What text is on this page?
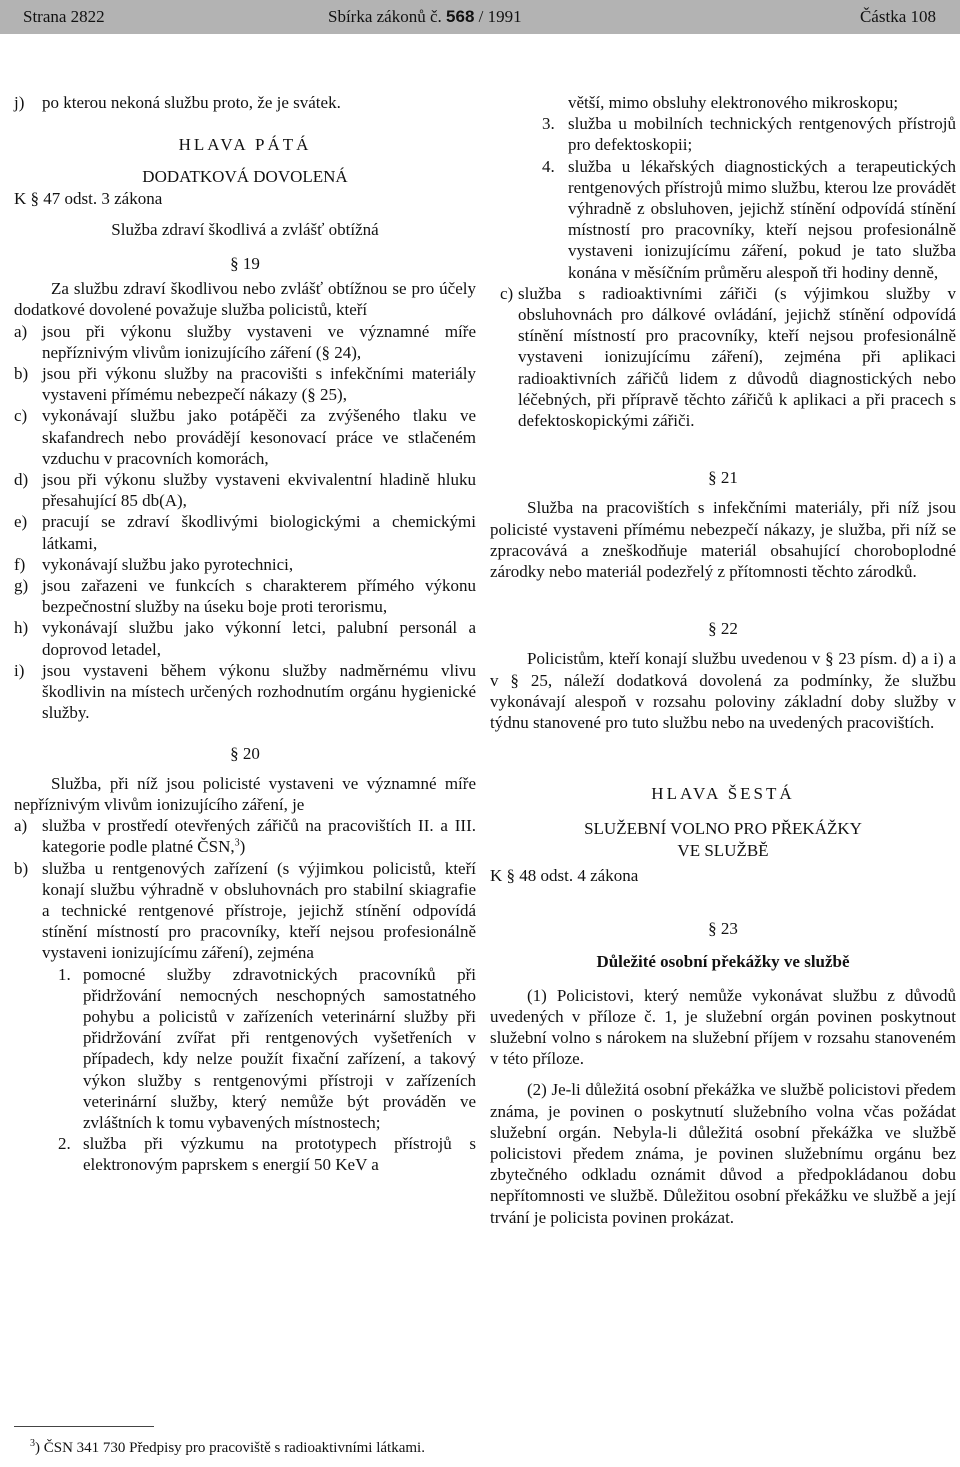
Strana 2822	Sbírka zákonů č. 568 / 1991	Částka 108
j) po kterou nekoná službu proto, že je svátek.

HLAVA PÁTÁ

DODATKOVÁ DOVOLENÁ

K § 47 odst. 3 zákona

Služba zdraví škodlivá a zvlášť obtížná

§ 19

Za službu zdraví škodlivou nebo zvlášť obtížnou se pro účely dodatkové dovolené považuje služba policistů, kteří

a) jsou při výkonu služby vystaveni ve významné míře nepříznivým vlivům ionizujícího záření (§ 24),
b) jsou při výkonu služby na pracovišti s infekčními materiály vystaveni přímému nebezpečí nákazy (§ 25),
c) vykonávají službu jako potápěči za zvýšeného tlaku ve skafandrech nebo provádějí kesonovací práce ve stlačeném vzduchu v pracovních komorách,
d) jsou při výkonu služby vystaveni ekvivalentní hladině hluku přesahující 85 db(A),
e) pracují se zdraví škodlivými biologickými a chemickými látkami,
f) vykonávají službu jako pyrotechnici,
g) jsou zařazeni ve funkcích s charakterem přímého výkonu bezpečnostní služby na úseku boje proti terorismu,
h) vykonávají službu jako výkonní letci, palubní personál a doprovod letadel,
i) jsou vystaveni během výkonu služby nadměrnému vlivu škodlivin na místech určených rozhodnutím orgánu hygienické služby.

§ 20

Služba, při níž jsou policisté vystaveni ve významné míře nepříznivým vlivům ionizujícího záření, je

a) služba v prostředí otevřených zářičů na pracovištích II. a III. kategorie podle platné ČSN,$^3$)
b) služba u rentgenových zařízení (s výjimkou policistů, kteří konají službu výhradně v obsluhovnách pro stabilní skiagrafie a technické rentgenové přístroje, jejichž stínění odpovídá stínění místností pro pracovníky, kteří nejsou profesionálně vystaveni ionizujícímu záření), zejména
1. pomocné služby zdravotnických pracovníků při přidržování nemocných neschopných samostatného pohybu a policistů v zařízeních veterinární služby při přidržování zvířat při rentgenových vyšetřeních v případech, kdy nelze použít fixační zařízení, a takový výkon služby s rentgenovými přístroji v zařízeních veterinární služby, který nemůže být prováděn ve zvláštních k tomu vybavených místnostech;
2. služba při výzkumu na prototypech přístrojů s elektronovým paprskem s energií 50 KeV a

větší, mimo obsluhy elektronového mikroskopu;

3. služba u mobilních technických rentgenových přístrojů pro defektoskopii;
4. služba u lékařských diagnostických a terapeutických rentgenových přístrojů mimo službu, kterou lze provádět výhradně z obsluhoven, jejichž stínění odpovídá stínění místností pro pracovníky, kteří nejsou profesionálně vystaveni ionizujícímu záření, pokud je tato služba konána v měsíčním průměru alespoň tři hodiny denně,
c) služba s radioaktivními zářiči (s výjimkou služby v obsluhovnách pro dálkové ovládání, jejichž stínění odpovídá stínění místností pro pracovníky, kteří nejsou profesionálně vystaveni ionizujícímu záření), zejména při aplikaci radioaktivních zářičů lidem z důvodů diagnostických nebo léčebných, při přípravě těchto zářičů k aplikaci a při pracech s defektoskopickými zářiči.

§ 21

Služba na pracovištích s infekčními materiály, při níž jsou policisté vystaveni přímému nebezpečí nákazy, je služba, při níž se zpracovává a zneškodňuje materiál obsahující choroboplodné zárodky nebo materiál podezřelý z přítomnosti těchto zárodků.

§ 22

Policistům, kteří konají službu uvedenou v § 23 písm. d) a i) a v § 25, náleží dodatková dovolená za podmínky, že službu vykonávají alespoň v rozsahu poloviny základní doby služby v týdnu stanovené pro tuto službu nebo na uvedených pracovištích.

HLAVA ŠESTÁ

SLUŽEBNÍ VOLNO PRO PŘEKÁŽKY

VE SLUŽBĚ

K § 48 odst. 4 zákona

§ 23

Důležité osobní překážky ve službě

(1) Policistovi, který nemůže vykonávat službu z důvodů uvedených v příloze č. 1, je služební orgán povinen poskytnout služební volno s nárokem na služební příjem v rozsahu stanoveném v této příloze.

(2) Je-li důležitá osobní překážka ve službě policistovi předem známa, je povinen o poskytnutí služebního volna včas požádat služební orgán. Nebyla-li důležitá osobní překážka ve službě policistovi předem známa, je povinen služebnímu orgánu bez zbytečného odkladu oznámit důvod a předpokládanou dobu nepřítomnosti ve službě. Důležitou osobní překážku ve službě a její trvání je policista povinen prokázat.

$^3$) ČSN 341 730 Předpisy pro pracoviště s radioaktivními látkami.
